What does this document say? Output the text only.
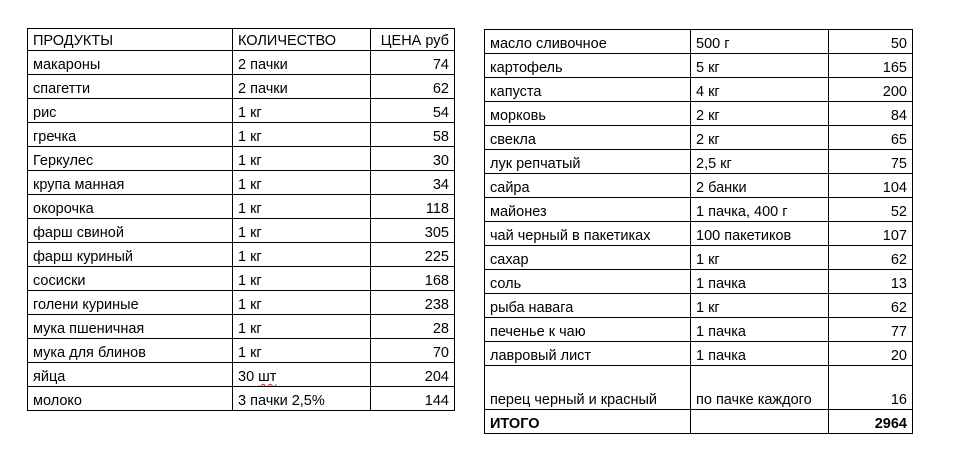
ПРОДУКТЫ	КОЛИЧЕСТВО	ЦЕНА руб
макароны	2 пачки	74
спагетти	2 пачки	62
рис	1 кг	54
гречка	1 кг	58
Геркулес	1 кг	30
крупа манная	1 кг	34
окорочка	1 кг	118
фарш свиной	1 кг	305
фарш куриный	1 кг	225
сосиски	1 кг	168
голени куриные	1 кг	238
мука пшеничная	1 кг	28
мука для блинов	1 кг	70
яйца	30 шт	204
молоко	3 пачки 2,5%	144
масло сливочное	500 г	50
картофель	5 кг	165
капуста	4 кг	200
морковь	2 кг	84
свекла	2 кг	65
лук репчатый	2,5 кг	75
сайра	2 банки	104
майонез	1 пачка, 400 г	52
чай черный в пакетиках	100 пакетиков	107
сахар	1 кг	62
соль	1 пачка	13
рыба навага	1 кг	62
печенье к чаю	1 пачка	77
лавровый лист	1 пачка	20
перец черный и красный	по пачке каждого	16
ИТОГО		2964
